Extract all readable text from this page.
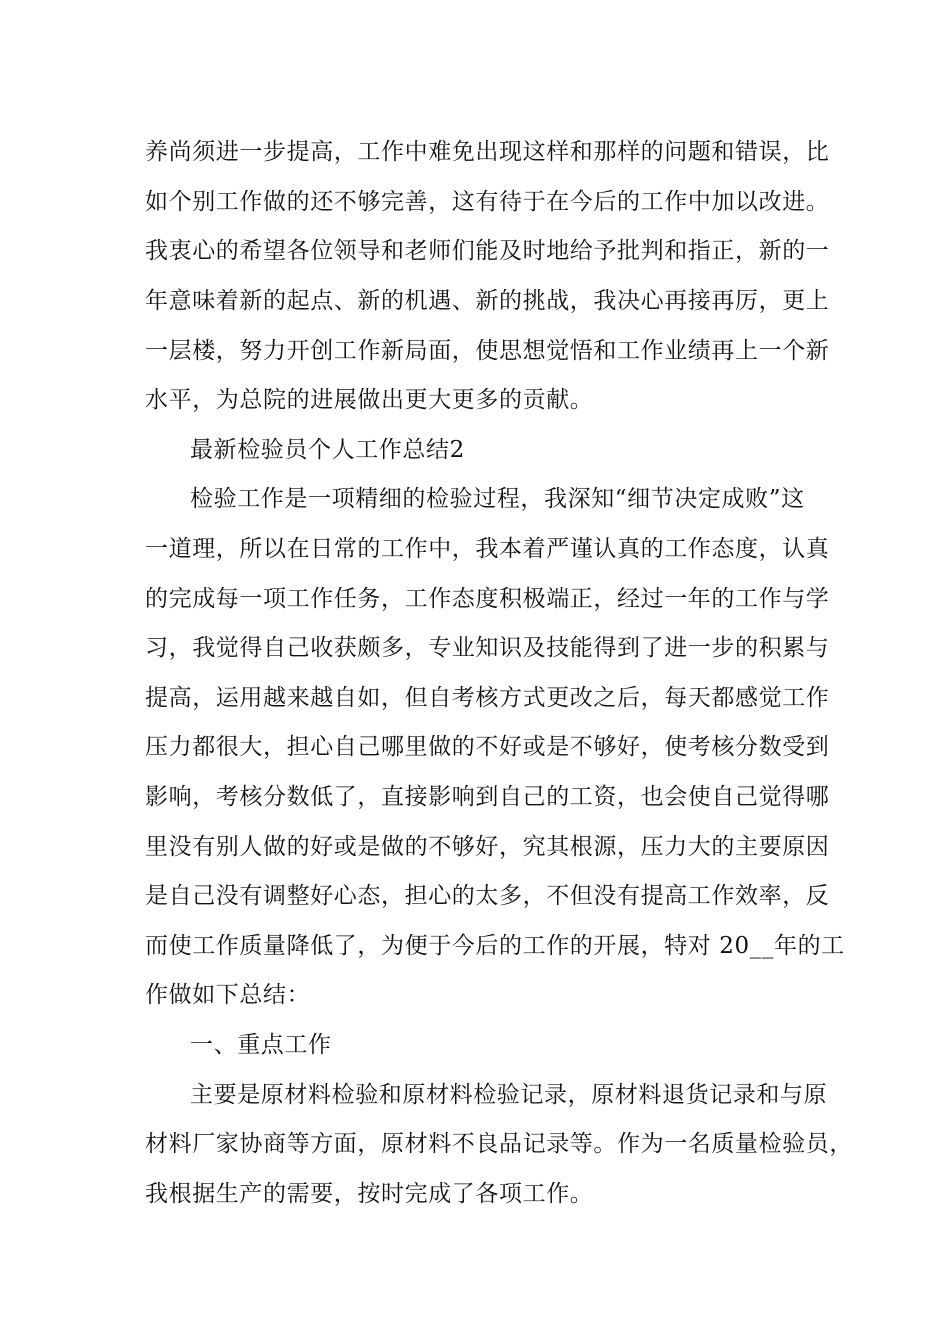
养尚须进一步提高，工作中难免出现这样和那样的问题和错误，比
如个别工作做的还不够完善，这有待于在今后的工作中加以改进。
我衷心的希望各位领导和老师们能及时地给予批判和指正，新的一
年意味着新的起点、新的机遇、新的挑战，我决心再接再厉，更上
一层楼，努力开创工作新局面，使思想觉悟和工作业绩再上一个新
水平，为总院的进展做出更大更多的贡献。
最新检验员个人工作总结2
检验工作是一项精细的检验过程，我深知“细节决定成败”这
一道理，所以在日常的工作中，我本着严谨认真的工作态度，认真
的完成每一项工作任务，工作态度积极端正，经过一年的工作与学
习，我觉得自己收获颇多，专业知识及技能得到了进一步的积累与
提高，运用越来越自如，但自考核方式更改之后，每天都感觉工作
压力都很大，担心自己哪里做的不好或是不够好，使考核分数受到
影响，考核分数低了，直接影响到自己的工资，也会使自己觉得哪
里没有别人做的好或是做的不够好，究其根源，压力大的主要原因
是自己没有调整好心态，担心的太多，不但没有提高工作效率，反
而使工作质量降低了，为便于今后的工作的开展，特对 20__年的工
作做如下总结：
一、重点工作
主要是原材料检验和原材料检验记录，原材料退货记录和与原
材料厂家协商等方面，原材料不良品记录等。作为一名质量检验员，
我根据生产的需要，按时完成了各项工作。
